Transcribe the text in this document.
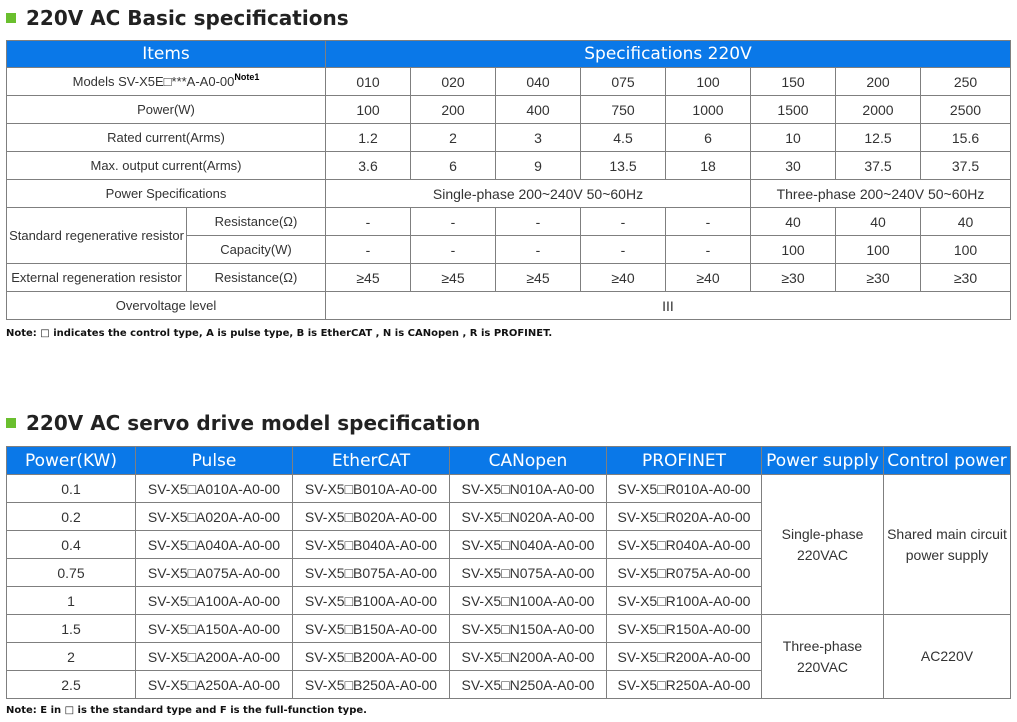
220V AC Basic specifications
Items		Specifications 220V							
Models SV-X5E□***A-A0-00$^{Note1}$		010	020	040	075	100	150	200	250
Power(W)		100	200	400	750	1000	1500	2000	2500
Rated current(Arms)		1.2	2	3	4.5	6	10	12.5	15.6
Max. output current(Arms)		3.6	6	9	13.5	18	30	37.5	37.5
Power Specifications		Single-phase 200~240V 50~60Hz					Three-phase 200~240V 50~60Hz		
Standard regenerative resistor	Resistance(Ω)	-	-	-	-	-	40	40	40
	Capacity(W)	-	-	-	-	-	100	100	100
External regeneration resistor	Resistance(Ω)	≥45	≥45	≥45	≥40	≥40	≥30	≥30	≥30
Overvoltage level		III							
Note: □ indicates the control type, A is pulse type, B is EtherCAT , N is CANopen , R is PROFINET.
220V AC servo drive model specification
Power(KW)	Pulse	EtherCAT	CANopen	PROFINET	Power supply	Control power
0.1	SV-X5□A010A-A0-00	SV-X5□B010A-A0-00	SV-X5□N010A-A0-00	SV-X5□R010A-A0-00	Single-phase 220VAC	Shared main circuit power supply
0.2	SV-X5□A020A-A0-00	SV-X5□B020A-A0-00	SV-X5□N020A-A0-00	SV-X5□R020A-A0-00		
0.4	SV-X5□A040A-A0-00	SV-X5□B040A-A0-00	SV-X5□N040A-A0-00	SV-X5□R040A-A0-00		
0.75	SV-X5□A075A-A0-00	SV-X5□B075A-A0-00	SV-X5□N075A-A0-00	SV-X5□R075A-A0-00		
1	SV-X5□A100A-A0-00	SV-X5□B100A-A0-00	SV-X5□N100A-A0-00	SV-X5□R100A-A0-00		
1.5	SV-X5□A150A-A0-00	SV-X5□B150A-A0-00	SV-X5□N150A-A0-00	SV-X5□R150A-A0-00	Three-phase 220VAC	AC220V
2	SV-X5□A200A-A0-00	SV-X5□B200A-A0-00	SV-X5□N200A-A0-00	SV-X5□R200A-A0-00		
2.5	SV-X5□A250A-A0-00	SV-X5□B250A-A0-00	SV-X5□N250A-A0-00	SV-X5□R250A-A0-00		
Note: E in □ is the standard type and F is the full-function type.
